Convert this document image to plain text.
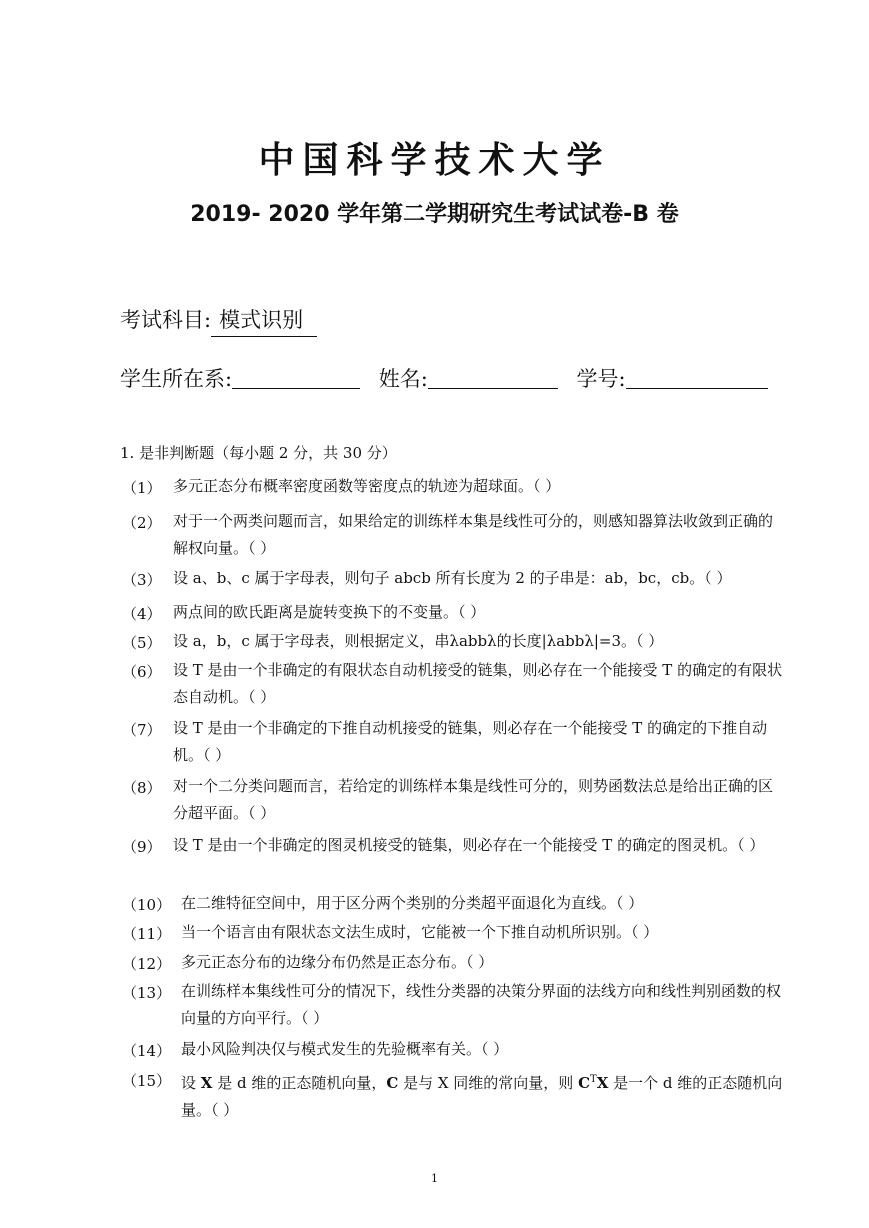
中国科学技术大学
2019- 2020 学年第二学期研究生考试试卷-B 卷
考试科目: 模式识别
学生所在系:	姓名:	学号:
1. 是非判断题（每小题 2 分，共 30 分）
（1） 多元正态分布概率密度函数等密度点的轨迹为超球面。（ ）
（2） 对于一个两类问题而言，如果给定的训练样本集是线性可分的，则感知器算法收敛到正确的解权向量。（ ）
（3） 设 a、b、c 属于字母表，则句子 abcb 所有长度为 2 的子串是：ab，bc，cb。（ ）
（4） 两点间的欧氏距离是旋转变换下的不变量。（ ）
（5） 设 a，b，c 属于字母表，则根据定义，串λabbλ的长度|λabbλ|=3。（ ）
（6） 设 T 是由一个非确定的有限状态自动机接受的链集，则必存在一个能接受 T 的确定的有限状态自动机。（ ）
（7） 设 T 是由一个非确定的下推自动机接受的链集，则必存在一个能接受 T 的确定的下推自动机。（ ）
（8） 对一个二分类问题而言，若给定的训练样本集是线性可分的，则势函数法总是给出正确的区分超平面。（ ）
（9） 设 T 是由一个非确定的图灵机接受的链集，则必存在一个能接受 T 的确定的图灵机。（ ）
（10） 在二维特征空间中，用于区分两个类别的分类超平面退化为直线。（ ）
（11） 当一个语言由有限状态文法生成时，它能被一个下推自动机所识别。（ ）
（12） 多元正态分布的边缘分布仍然是正态分布。（ ）
（13） 在训练样本集线性可分的情况下，线性分类器的决策分界面的法线方向和线性判别函数的权向量的方向平行。（ ）
（14） 最小风险判决仅与模式发生的先验概率有关。（ ）
（15） 设 X 是 d 维的正态随机向量，C 是与 X 同维的常向量，则 $C^TX$ 是一个 d 维的正态随机向量。（ ）
1
